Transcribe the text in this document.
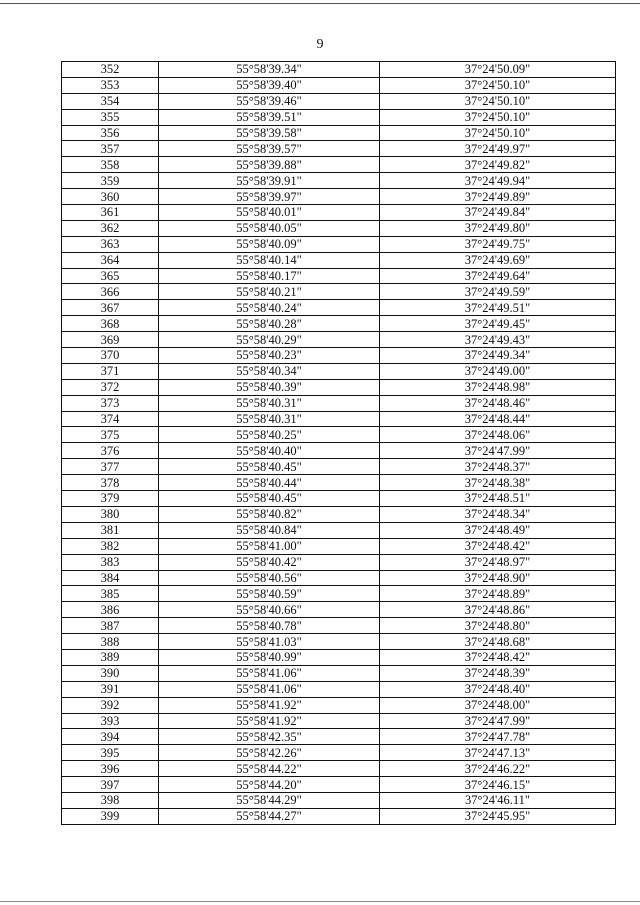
9
352	55°58'39.34"	37°24'50.09"
353	55°58'39.40"	37°24'50.10"
354	55°58'39.46"	37°24'50.10"
355	55°58'39.51"	37°24'50.10"
356	55°58'39.58"	37°24'50.10"
357	55°58'39.57"	37°24'49.97"
358	55°58'39.88"	37°24'49.82"
359	55°58'39.91"	37°24'49.94"
360	55°58'39.97"	37°24'49.89"
361	55°58'40.01"	37°24'49.84"
362	55°58'40.05"	37°24'49.80"
363	55°58'40.09"	37°24'49.75"
364	55°58'40.14"	37°24'49.69"
365	55°58'40.17"	37°24'49.64"
366	55°58'40.21"	37°24'49.59"
367	55°58'40.24"	37°24'49.51"
368	55°58'40.28"	37°24'49.45"
369	55°58'40.29"	37°24'49.43"
370	55°58'40.23"	37°24'49.34"
371	55°58'40.34"	37°24'49.00"
372	55°58'40.39"	37°24'48.98"
373	55°58'40.31"	37°24'48.46"
374	55°58'40.31"	37°24'48.44"
375	55°58'40.25"	37°24'48.06"
376	55°58'40.40"	37°24'47.99"
377	55°58'40.45"	37°24'48.37"
378	55°58'40.44"	37°24'48.38"
379	55°58'40.45"	37°24'48.51"
380	55°58'40.82"	37°24'48.34"
381	55°58'40.84"	37°24'48.49"
382	55°58'41.00"	37°24'48.42"
383	55°58'40.42"	37°24'48.97"
384	55°58'40.56"	37°24'48.90"
385	55°58'40.59"	37°24'48.89"
386	55°58'40.66"	37°24'48.86"
387	55°58'40.78"	37°24'48.80"
388	55°58'41.03"	37°24'48.68"
389	55°58'40.99"	37°24'48.42"
390	55°58'41.06"	37°24'48.39"
391	55°58'41.06"	37°24'48.40"
392	55°58'41.92"	37°24'48.00"
393	55°58'41.92"	37°24'47.99"
394	55°58'42.35"	37°24'47.78"
395	55°58'42.26"	37°24'47.13"
396	55°58'44.22"	37°24'46.22"
397	55°58'44.20"	37°24'46.15"
398	55°58'44.29"	37°24'46.11"
399	55°58'44.27"	37°24'45.95"
